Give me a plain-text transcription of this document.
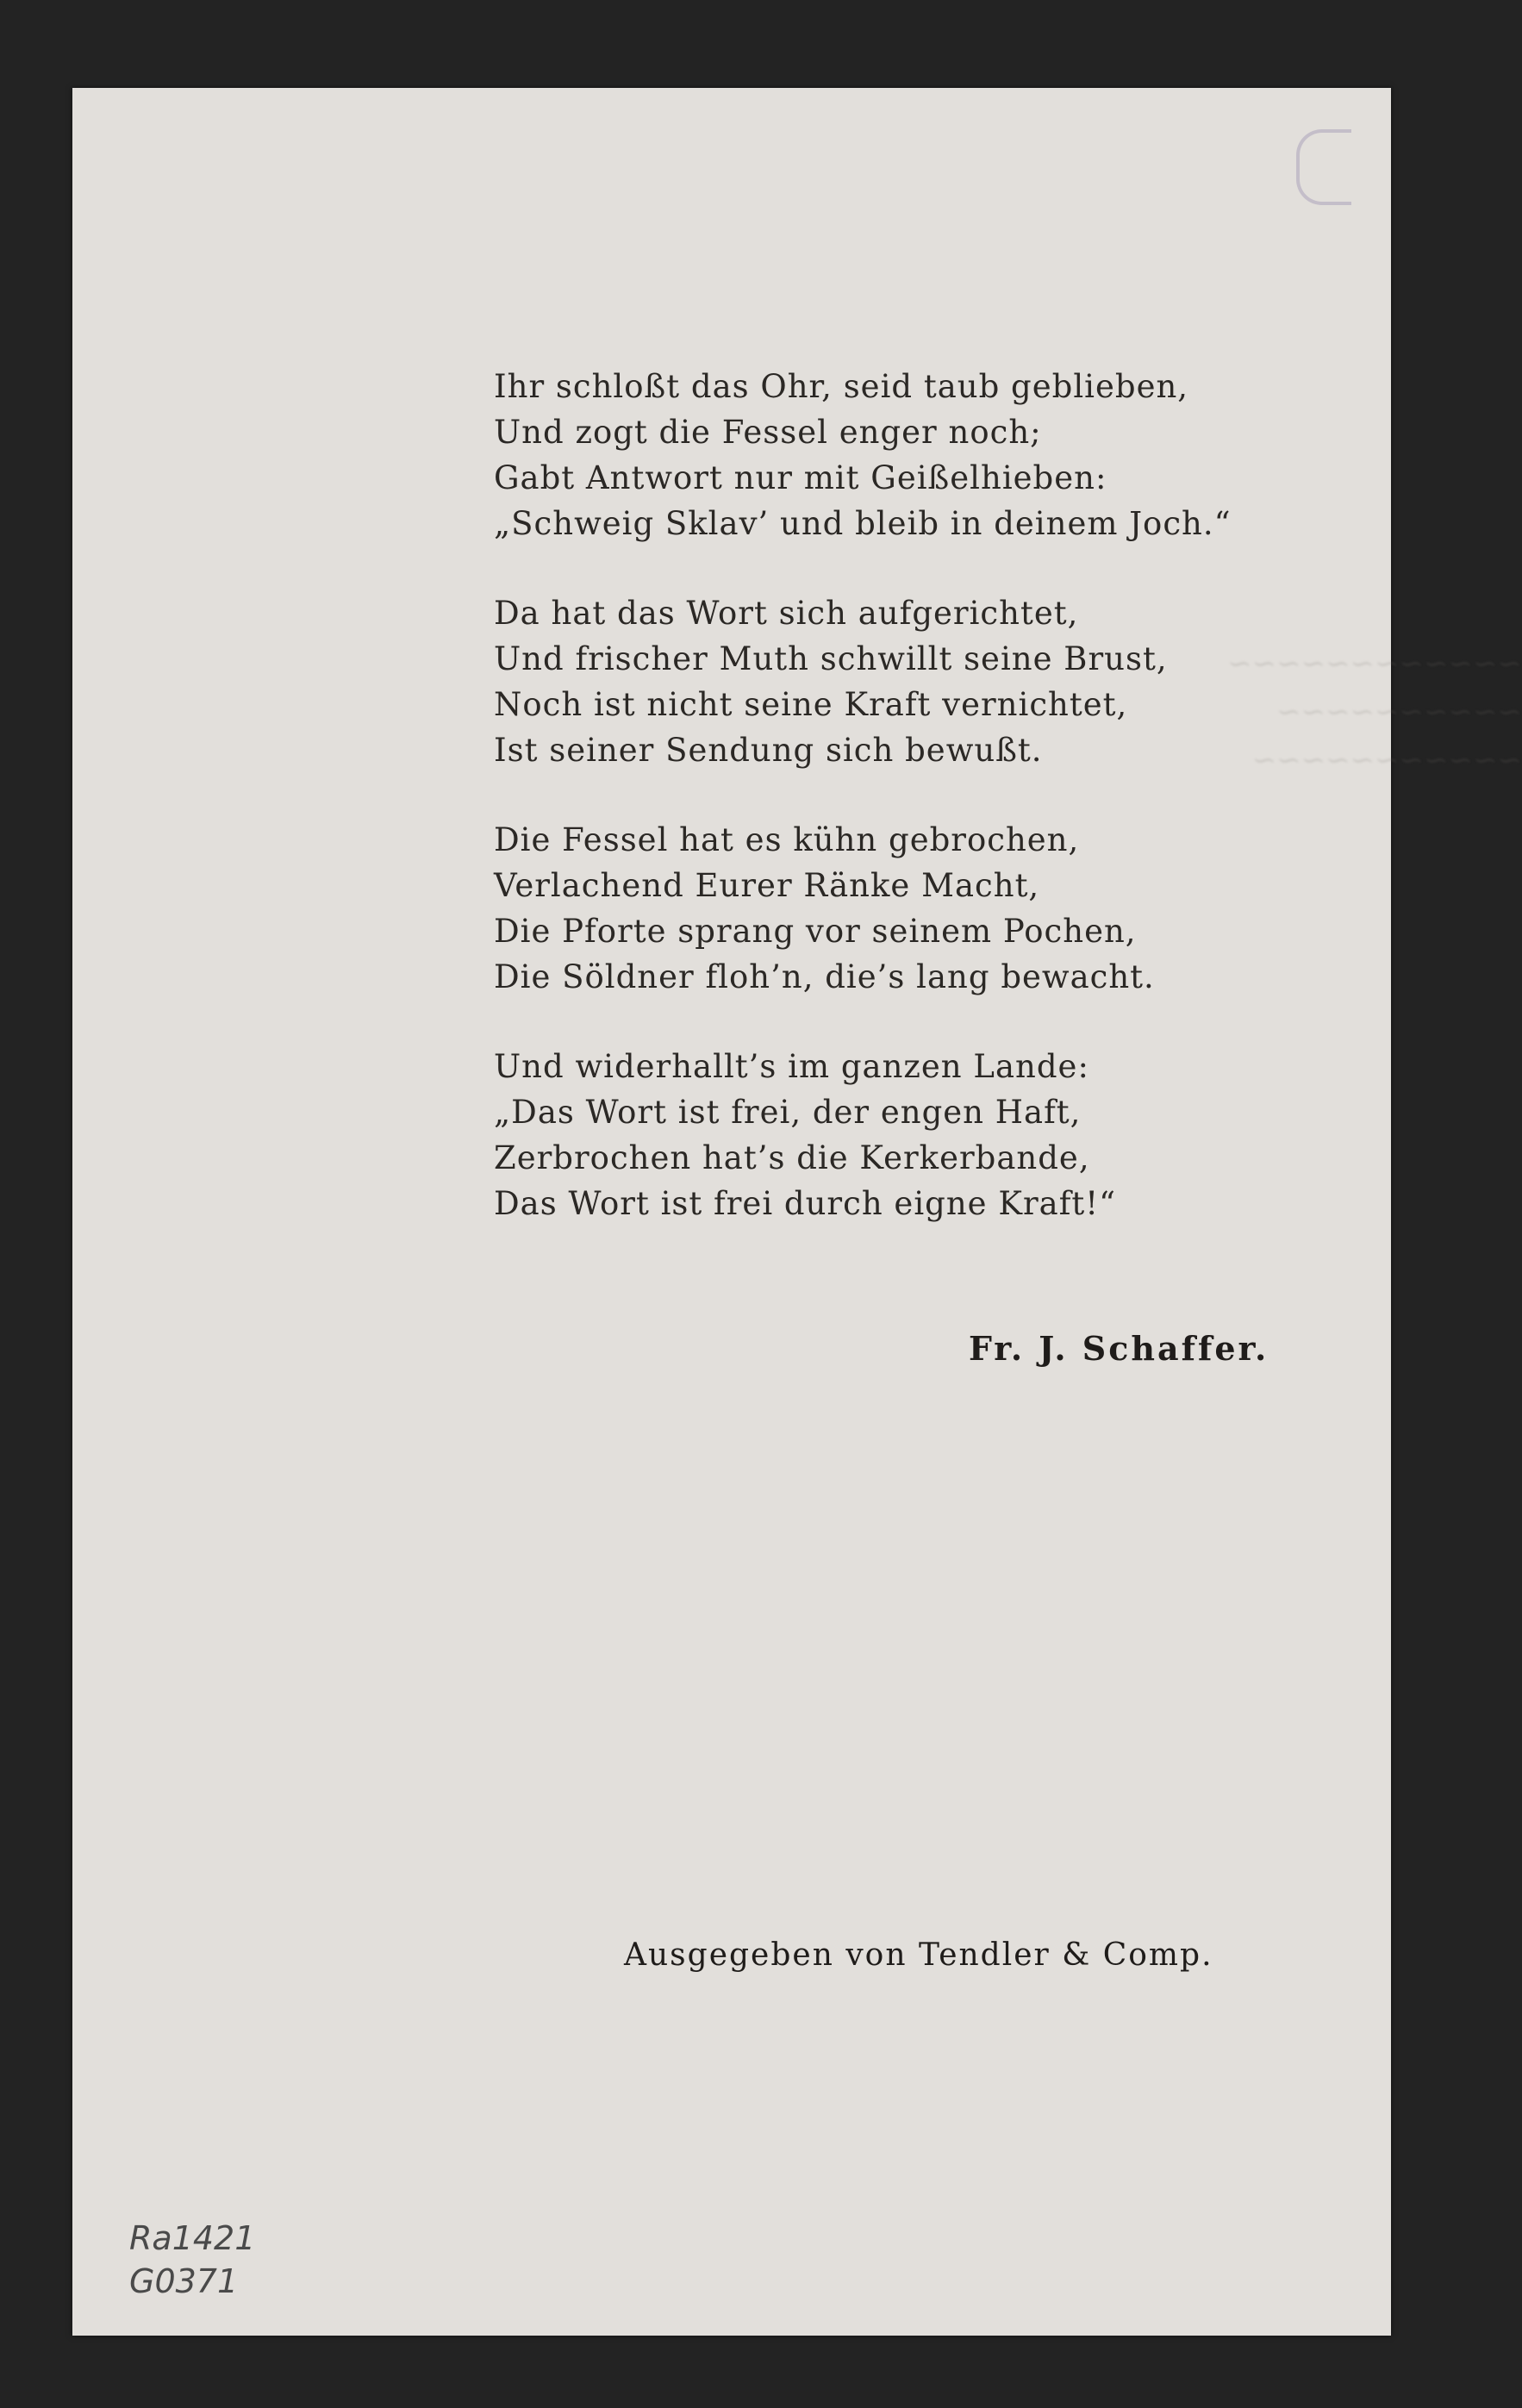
~~~~~~~~~~~~
~~~~~~~~~~
~~~~~~~~~~~
Ihr schloßt das Ohr, seid taub geblieben,
Und zogt die Fessel enger noch;
Gabt Antwort nur mit Geißelhieben:
„Schweig Sklav’ und bleib in deinem Joch.“
Da hat das Wort sich aufgerichtet,
Und frischer Muth schwillt seine Brust,
Noch ist nicht seine Kraft vernichtet,
Ist seiner Sendung sich bewußt.
Die Fessel hat es kühn gebrochen,
Verlachend Eurer Ränke Macht,
Die Pforte sprang vor seinem Pochen,
Die Söldner floh’n, die’s lang bewacht.
Und widerhallt’s im ganzen Lande:
„Das Wort ist frei, der engen Haft,
Zerbrochen hat’s die Kerkerbande,
Das Wort ist frei durch eigne Kraft!“
Fr. J. Schaffer.
Ausgegeben von Tendler & Comp.
Ra1421
G0371
